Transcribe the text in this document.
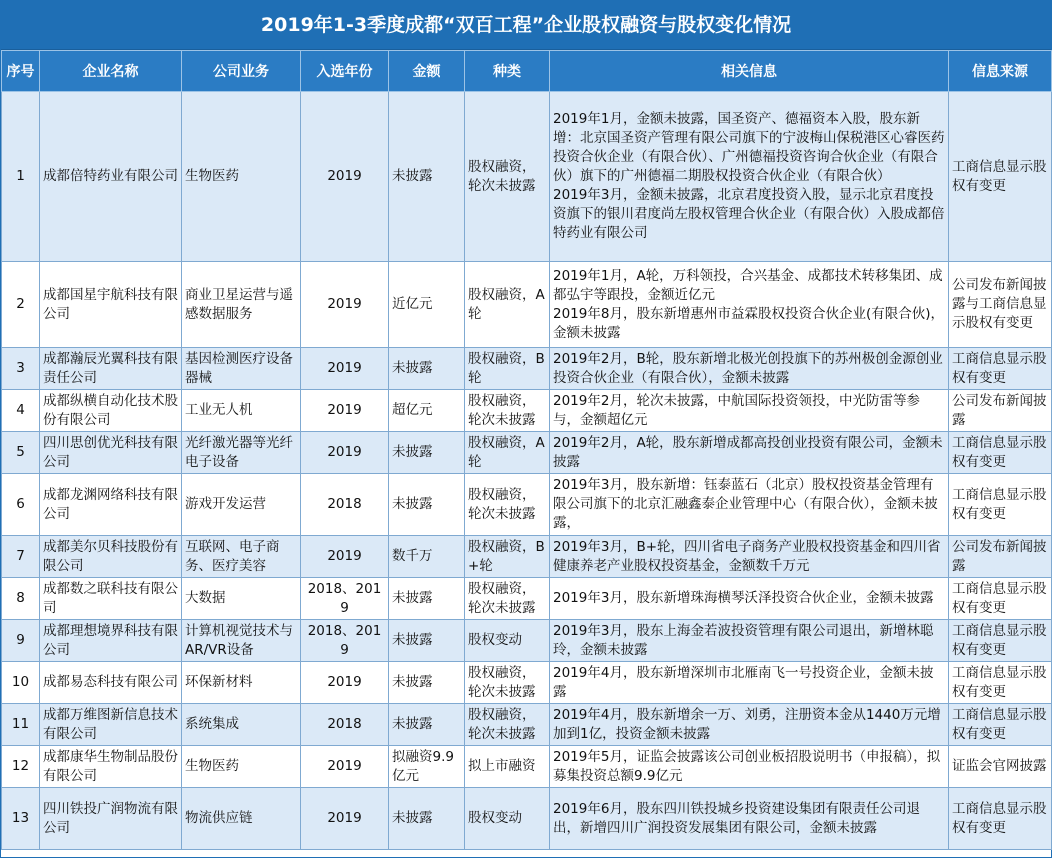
2019年1-3季度成都“双百工程”企业股权融资与股权变化情况
序号	企业名称	公司业务	入选年份	金额	种类	相关信息	信息来源
1	成都倍特药业有限公司	生物医药	2019	未披露	股权融资，轮次未披露	2019年1月，金额未披露，国圣资产、德福资本入股，股东新增：北京国圣资产管理有限公司旗下的宁波梅山保税港区心睿医药投资合伙企业（有限合伙）、广州德福投资咨询合伙企业（有限合伙）旗下的广州德福二期股权投资合伙企业（有限合伙）
2019年3月，金额未披露，北京君度投资入股，显示北京君度投资旗下的银川君度尚左股权管理合伙企业（有限合伙）入股成都倍特药业有限公司	工商信息显示股权有变更
2	成都国星宇航科技有限公司	商业卫星运营与遥感数据服务	2019	近亿元	股权融资，A轮	2019年1月，A轮，万科领投，合兴基金、成都技术转移集团、成都弘宇等跟投，金额近亿元
2019年8月，股东新增惠州市益霖股权投资合伙企业(有限合伙)，金额未披露	公司发布新闻披露与工商信息显示股权有变更
3	成都瀚辰光翼科技有限责任公司	基因检测医疗设备器械	2019	未披露	股权融资，B轮	2019年2月，B轮，股东新增北极光创投旗下的苏州极创金源创业投资合伙企业（有限合伙），金额未披露	工商信息显示股权有变更
4	成都纵横自动化技术股份有限公司	工业无人机	2019	超亿元	股权融资，轮次未披露	2019年2月，轮次未披露，中航国际投资领投，中光防雷等参与，金额超亿元	公司发布新闻披露
5	四川思创优光科技有限公司	光纤激光器等光纤电子设备	2019	未披露	股权融资，A轮	2019年2月，A轮，股东新增成都高投创业投资有限公司，金额未披露	工商信息显示股权有变更
6	成都龙渊网络科技有限公司	游戏开发运营	2018	未披露	股权融资，轮次未披露	2019年3月，股东新增：钰泰蓝石（北京）股权投资基金管理有限公司旗下的北京汇融鑫泰企业管理中心（有限合伙），金额未披露，	工商信息显示股权有变更
7	成都美尔贝科技股份有限公司	互联网、电子商务、医疗美容	2019	数千万	股权融资，B+轮	2019年3月，B+轮，四川省电子商务产业股权投资基金和四川省健康养老产业股权投资基金，金额数千万元	公司发布新闻披露
8	成都数之联科技有限公司	大数据	2018、2019	未披露	股权融资，轮次未披露	2019年3月，股东新增珠海横琴沃泽投资合伙企业，金额未披露	工商信息显示股权有变更
9	成都理想境界科技有限公司	计算机视觉技术与AR/VR设备	2018、2019	未披露	股权变动	2019年3月，股东上海金若波投资管理有限公司退出，新增林聪玲，金额未披露	工商信息显示股权有变更
10	成都易态科技有限公司	环保新材料	2019	未披露	股权融资，轮次未披露	2019年4月，股东新增深圳市北雁南飞一号投资企业，金额未披露	工商信息显示股权有变更
11	成都万维图新信息技术有限公司	系统集成	2018	未披露	股权融资，轮次未披露	2019年4月，股东新增余一万、刘勇，注册资本金从1440万元增加到1亿，投资金额未披露	工商信息显示股权有变更
12	成都康华生物制品股份有限公司	生物医药	2019	拟融资9.9亿元	拟上市融资	2019年5月，证监会披露该公司创业板招股说明书（申报稿），拟募集投资总额9.9亿元	证监会官网披露
13	四川铁投广润物流有限公司	物流供应链	2019	未披露	股权变动	2019年6月，股东四川铁投城乡投资建设集团有限责任公司退出，新增四川广润投资发展集团有限公司，金额未披露	工商信息显示股权有变更
